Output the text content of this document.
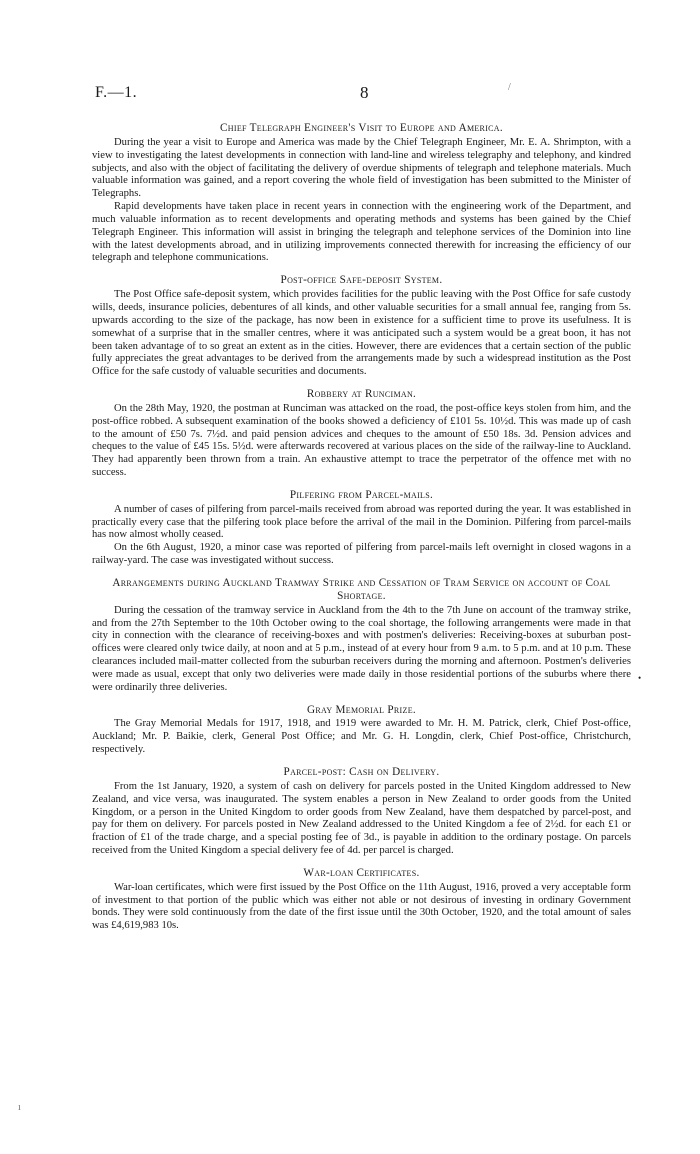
F.—1.	8	/
Chief Telegraph Engineer's Visit to Europe and America.

During the year a visit to Europe and America was made by the Chief Telegraph Engineer, Mr. E. A. Shrimpton, with a view to investigating the latest developments in connection with land-line and wireless telegraphy and telephony, and kindred subjects, and also with the object of facilitating the delivery of overdue shipments of telegraph and telephone materials. Much valuable information was gained, and a report covering the whole field of investigation has been submitted to the Minister of Telegraphs.

Rapid developments have taken place in recent years in connection with the engineering work of the Department, and much valuable information as to recent developments and operating methods and systems has been gained by the Chief Telegraph Engineer. This information will assist in bringing the telegraph and telephone services of the Dominion into line with the latest developments abroad, and in utilizing improvements connected therewith for increasing the efficiency of our telegraph and telephone communications.

Post-office Safe-deposit System.

The Post Office safe-deposit system, which provides facilities for the public leaving with the Post Office for safe custody wills, deeds, insurance policies, debentures of all kinds, and other valuable securities for a small annual fee, ranging from 5s. upwards according to the size of the package, has now been in existence for a sufficient time to prove its usefulness. It is somewhat of a surprise that in the smaller centres, where it was anticipated such a system would be a great boon, it has not been taken advantage of to so great an extent as in the cities. However, there are evidences that a certain section of the public fully appreciates the great advantages to be derived from the arrangements made by such a widespread institution as the Post Office for the safe custody of valuable securities and documents.

Robbery at Runciman.

On the 28th May, 1920, the postman at Runciman was attacked on the road, the post-office keys stolen from him, and the post-office robbed. A subsequent examination of the books showed a deficiency of £101 5s. 10½d. This was made up of cash to the amount of £50 7s. 7½d. and paid pension advices and cheques to the amount of £50 18s. 3d. Pension advices and cheques to the value of £45 15s. 5½d. were afterwards recovered at various places on the side of the railway-line to Auckland. They had apparently been thrown from a train. An exhaustive attempt to trace the perpetrator of the offence met with no success.

Pilfering from Parcel-mails.

A number of cases of pilfering from parcel-mails received from abroad was reported during the year. It was established in practically every case that the pilfering took place before the arrival of the mail in the Dominion. Pilfering from parcel-mails has now almost wholly ceased.

On the 6th August, 1920, a minor case was reported of pilfering from parcel-mails left overnight in closed wagons in a railway-yard. The case was investigated without success.

Arrangements during Auckland Tramway Strike and Cessation of Tram Service on account of Coal Shortage.

During the cessation of the tramway service in Auckland from the 4th to the 7th June on account of the tramway strike, and from the 27th September to the 10th October owing to the coal shortage, the following arrangements were made in that city in connection with the clearance of receiving-boxes and with postmen's deliveries: Receiving-boxes at suburban post-offices were cleared only twice daily, at noon and at 5 p.m., instead of at every hour from 9 a.m. to 5 p.m. and at 10 p.m. These clearances included mail-matter collected from the suburban receivers during the morning and afternoon. Postmen's deliveries were made as usual, except that only two deliveries were made daily in those residential portions of the suburbs where there were ordinarily three deliveries.

Gray Memorial Prize.

The Gray Memorial Medals for 1917, 1918, and 1919 were awarded to Mr. H. M. Patrick, clerk, Chief Post-office, Auckland; Mr. P. Baikie, clerk, General Post Office; and Mr. G. H. Longdin, clerk, Chief Post-office, Christchurch, respectively.

Parcel-post: Cash on Delivery.

From the 1st January, 1920, a system of cash on delivery for parcels posted in the United Kingdom addressed to New Zealand, and vice versa, was inaugurated. The system enables a person in New Zealand to order goods from the United Kingdom, or a person in the United Kingdom to order goods from New Zealand, have them despatched by parcel-post, and pay for them on delivery. For parcels posted in New Zealand addressed to the United Kingdom a fee of 2½d. for each £1 or fraction of £1 of the trade charge, and a special posting fee of 3d., is payable in addition to the ordinary postage. On parcels received from the United Kingdom a special delivery fee of 4d. per parcel is charged.

War-loan Certificates.

War-loan certificates, which were first issued by the Post Office on the 11th August, 1916, proved a very acceptable form of investment to that portion of the public which was either not able or not desirous of investing in ordinary Government bonds. They were sold continuously from the date of the first issue until the 30th October, 1920, and the total amount of sales was £4,619,983 10s.

•
ı
